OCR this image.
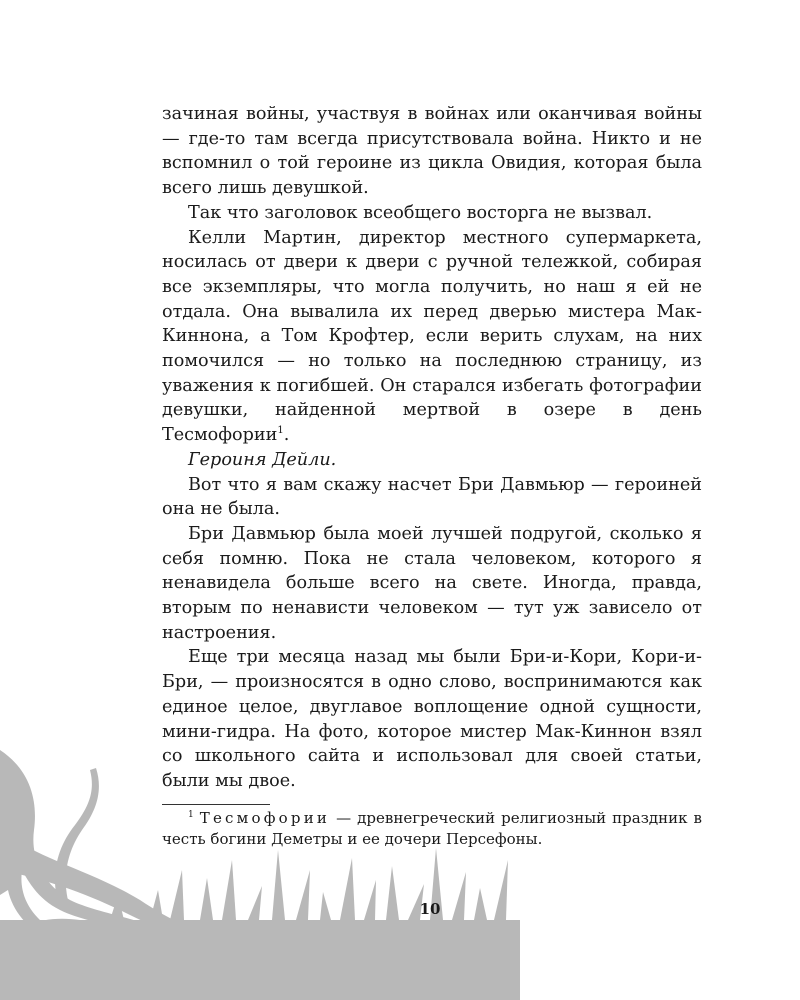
зачиная войны, участвуя в войнах или оканчивая войны — где-то там всегда присутствовала война. Никто и не вспомнил о той героине из цикла Овидия, которая была всего лишь девушкой.

Так что заголовок всеобщего восторга не вызвал.

Келли Мартин, директор местного супермаркета, носилась от двери к двери с ручной тележкой, собирая все экземпляры, что могла получить, но наш я ей не отдала. Она вывалила их перед дверью мистера Мак-Киннона, а Том Крофтер, если верить слухам, на них помочился — но только на последнюю страницу, из уважения к погибшей. Он старался избегать фотографии девушки, найденной мертвой в озере в день Тесмофории$^1$.

Героиня Дейли.

Вот что я вам скажу насчет Бри Давмьюр — героиней она не была.

Бри Давмьюр была моей лучшей подругой, сколько я себя помню. Пока не стала человеком, которого я ненавидела больше всего на свете. Иногда, правда, вторым по ненависти человеком — тут уж зависело от настроения.

Еще три месяца назад мы были Бри-и-Кори, Кори-и-Бри, — произносятся в одно слово, воспринимаются как единое целое, двуглавое воплощение одной сущности, мини-гидра. На фото, которое мистер Мак-Киннон взял со школьного сайта и использовал для своей статьи, были мы двое.

$^1$ Тесмофории — древнегреческий религиозный праздник в честь богини Деметры и ее дочери Персефоны.
10
